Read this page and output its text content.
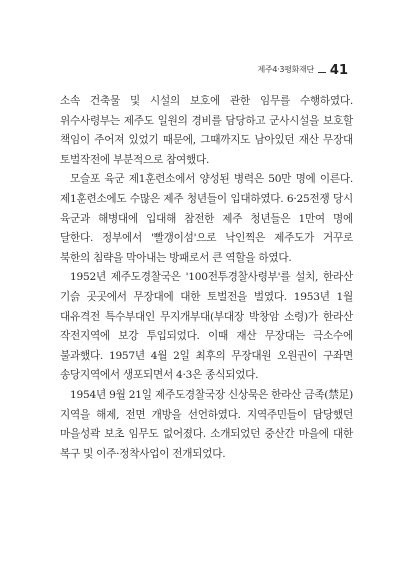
제주4·3평화재단 41

소속 건축물 및 시설의 보호에 관한 임무를 수행하였다. 위수사령부는 제주도 일원의 경비를 담당하고 군사시설을 보호할 책임이 주어져 있었기 때문에, 그때까지도 남아있던 재산 무장대 토벌작전에 부분적으로 참여했다.

모슬포 육군 제1훈련소에서 양성된 병력은 50만 명에 이른다. 제1훈련소에도 수많은 제주 청년들이 입대하였다. 6·25전쟁 당시 육군과 해병대에 입대해 참전한 제주 청년들은 1만여 명에 달한다. 정부에서 '빨갱이섬'으로 낙인찍은 제주도가 거꾸로 북한의 침략을 막아내는 방패로서 큰 역할을 하였다.

1952년 제주도경찰국은 '100전투경찰사령부'를 설치, 한라산 기슭 곳곳에서 무장대에 대한 토벌전을 벌였다. 1953년 1월 대유격전 특수부대인 무지개부대(부대장 박창암 소령)가 한라산 작전지역에 보강 투입되었다. 이때 재산 무장대는 극소수에 불과했다. 1957년 4월 2일 최후의 무장대원 오원권이 구좌면 송당지역에서 생포되면서 4·3은 종식되었다.

1954년 9월 21일 제주도경찰국장 신상묵은 한라산 금족(禁足)지역을 해제, 전면 개방을 선언하였다. 지역주민들이 담당했던 마을성곽 보초 임무도 없어졌다. 소개되었던 중산간 마을에 대한 복구 및 이주·정착사업이 전개되었다.
